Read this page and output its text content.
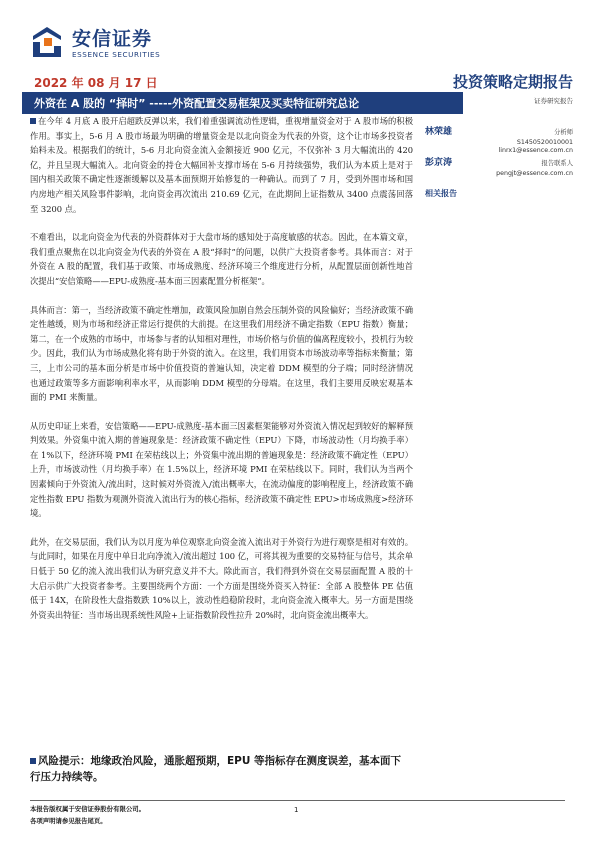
安信证券
ESSENCE SECURITIES
2022 年 08 月 17 日	投资策略定期报告
外资在 A 股的 “择时” -----外资配置交易框架及买卖特征研究总论	证券研究报告
林荣雄	分析师
S1450520010001
linrx1@essence.com.cn
彭京涛	报告联系人
pengjt@essence.com.cn
相关报告

在今年 4 月底 A 股开启超跌反弹以来，我们着重强调流动性逻辑，重视增量资金对于 A 股市场的积极作用。事实上，5-6 月 A 股市场最为明确的增量资金是以北向资金为代表的外资，这个让市场多投资者始料未及。根据我们的统计，5-6 月北向资金流入金额接近 900 亿元，不仅弥补 3 月大幅流出的 420 亿，并且呈现大幅流入。北向资金的持仓大幅回补支撑市场在 5-6 月持续强势，我们认为本质上是对于国内相关政策不确定性逐渐缓解以及基本面预期开始修复的一种确认。而到了 7 月，受到外围市场和国内房地产相关风险事件影响，北向资金再次流出 210.69 亿元，在此期间上证指数从 3400 点震荡回落至 3200 点。

不难看出，以北向资金为代表的外资群体对于大盘市场的感知处于高度敏感的状态。因此，在本篇文章，我们重点聚焦在以北向资金为代表的外资在 A 股“择时”的问题，以供广大投资者参考。具体而言：对于外资在 A 股的配置，我们基于政策、市场成熟度、经济环境三个维度进行分析，从配置层面创新性地首次提出“安信策略——EPU-成熟度-基本面三因素配置分析框架”。

具体而言：第一，当经济政策不确定性增加，政策风险加剧自然会压制外资的风险偏好；当经济政策不确定性越缓，则为市场和经济正常运行提供的大前提。在这里我们用经济不确定指数（EPU 指数）衡量；第二，在一个成熟的市场中，市场参与者的认知相对理性，市场价格与价值的偏离程度较小，投机行为较少。因此，我们认为市场成熟化将有助于外资的流入。在这里，我们用资本市场波动率等指标来衡量；第三，上市公司的基本面分析是市场中价值投资的普遍认知，决定着 DDM 模型的分子端；同时经济情况也通过政策等多方面影响利率水平，从而影响 DDM 模型的分母端。在这里，我们主要用反映宏观基本面的 PMI 来衡量。

从历史印证上来看，安信策略——EPU-成熟度-基本面三因素框架能够对外资流入情况起到较好的解释预判效果。外资集中流入期的普遍现象是：经济政策不确定性（EPU）下降，市场波动性（月均换手率）在 1%以下，经济环境 PMI 在荣枯线以上；外资集中流出期的普遍现象是：经济政策不确定性（EPU）上升，市场波动性（月均换手率）在 1.5%以上，经济环境 PMI 在荣枯线以下。同时，我们认为当两个因素倾向于外资流入/流出时，这时候对外资流入/流出概率大，在流动偏度的影响程度上，经济政策不确定性指数 EPU 指数为观测外资流入流出行为的核心指标，经济政策不确定性 EPU>市场成熟度>经济环境。

此外，在交易层面，我们认为以月度为单位观察北向资金流入流出对于外资行为进行观察是相对有效的。与此同时，如果在月度中单日北向净流入/流出超过 100 亿，可将其视为重要的交易特征与信号，其余单日低于 50 亿的流入流出我们认为研究意义并不大。除此而言，我们得到外资在交易层面配置 A 股的十大启示供广大投资者参考。主要围绕两个方面：一个方面是围绕外资买入特征：全部 A 股整体 PE 估值低于 14X，在阶段性大盘指数跌 10%以上，波动性趋稳阶段时，北向资金流入概率大。另一方面是围绕外资卖出特征：当市场出现系统性风险+上证指数阶段性拉升 20%时，北向资金流出概率大。

风险提示：地缘政治风险，通胀超预期，EPU 等指标存在测度误差，基本面下行压力持续等。
本报告版权属于安信证券股份有限公司。
各项声明请参见报告尾页。
1
